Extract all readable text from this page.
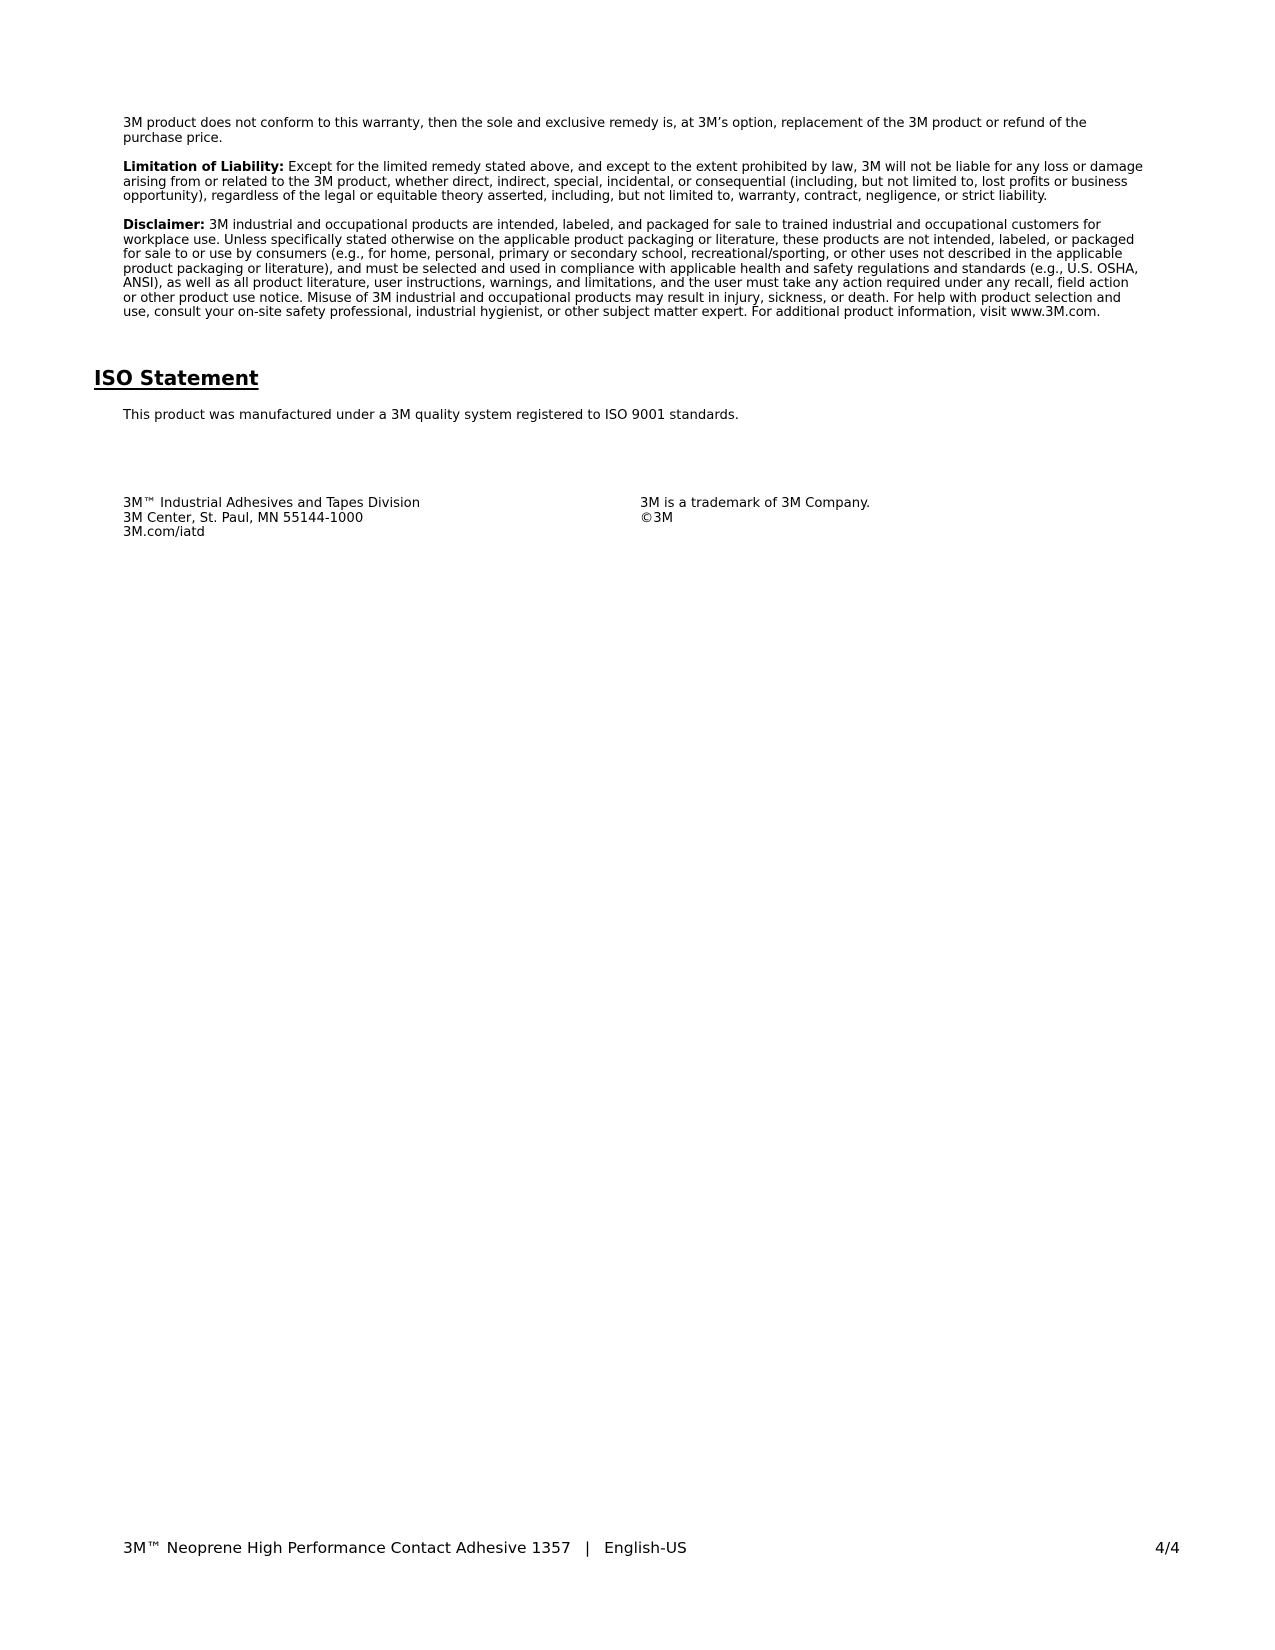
3M product does not conform to this warranty, then the sole and exclusive remedy is, at 3M’s option, replacement of the 3M product or refund of the purchase price.

Limitation of Liability: Except for the limited remedy stated above, and except to the extent prohibited by law, 3M will not be liable for any loss or damage arising from or related to the 3M product, whether direct, indirect, special, incidental, or consequential (including, but not limited to, lost profits or business opportunity), regardless of the legal or equitable theory asserted, including, but not limited to, warranty, contract, negligence, or strict liability.

Disclaimer: 3M industrial and occupational products are intended, labeled, and packaged for sale to trained industrial and occupational customers for workplace use. Unless specifically stated otherwise on the applicable product packaging or literature, these products are not intended, labeled, or packaged for sale to or use by consumers (e.g., for home, personal, primary or secondary school, recreational/sporting, or other uses not described in the applicable product packaging or literature), and must be selected and used in compliance with applicable health and safety regulations and standards (e.g., U.S. OSHA, ANSI), as well as all product literature, user instructions, warnings, and limitations, and the user must take any action required under any recall, field action or other product use notice. Misuse of 3M industrial and occupational products may result in injury, sickness, or death. For help with product selection and use, consult your on-site safety professional, industrial hygienist, or other subject matter expert. For additional product information, visit www.3M.com.

ISO Statement

This product was manufactured under a 3M quality system registered to ISO 9001 standards.

3M™ Industrial Adhesives and Tapes Division
3M Center, St. Paul, MN 55144-1000
3M.com/iatd
3M is a trademark of 3M Company.
©3M
3M™ Neoprene High Performance Contact Adhesive 1357 | English-US	4/4
